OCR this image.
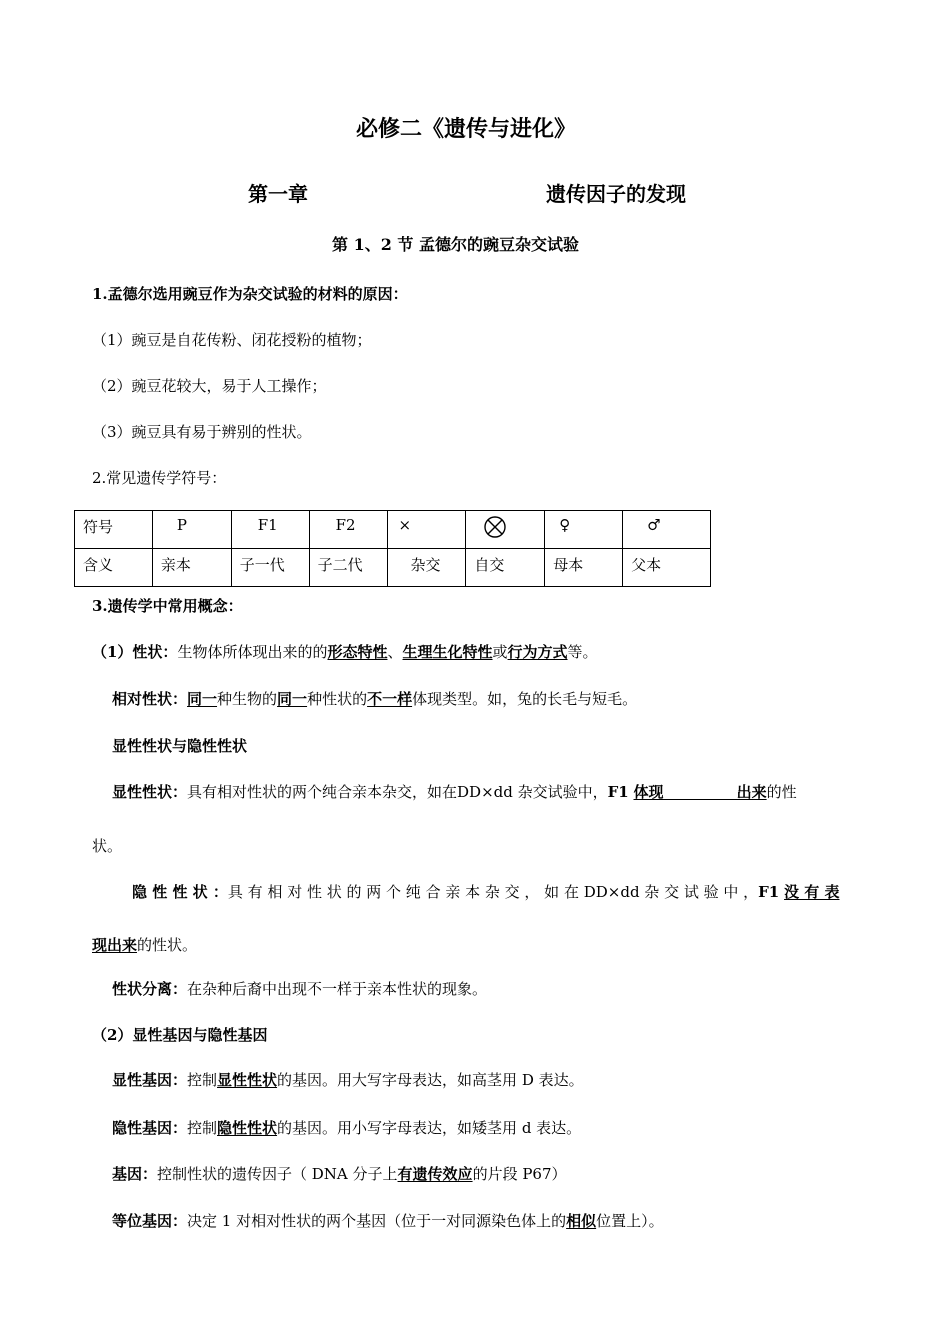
必修二《遗传与进化》
第一章	遗传因子的发现
第 1、2 节 孟德尔的豌豆杂交试验
1.孟德尔选用豌豆作为杂交试验的材料的原因：
（1）豌豆是自花传粉、闭花授粉的植物；
（2）豌豆花较大，易于人工操作；
（3）豌豆具有易于辨别的性状。
2.常见遗传学符号：
符号	P	F1	F2	×		♀	♂
含义	亲本	子一代	子二代	杂交	自交	母本	父本
3.遗传学中常用概念：
（1）性状：生物体所体现出来的的形态特性、生理生化特性或行为方式等。
相对性状：同一种生物的同一种性状的不一样体现类型。如，兔的长毛与短毛。
显性性状与隐性性状
显性性状：具有相对性状的两个纯合亲本杂交，如在DD×dd 杂交试验中，F1 体现              出来的性
状。
隐 性 性 状 ：具 有 相 对 性 状 的 两 个 纯 合 亲 本 杂 交 ， 如 在 DD×dd 杂 交 试 验 中 ，F1 没 有 表
现出来的性状。
性状分离：在杂种后裔中出现不一样于亲本性状的现象。
（2）显性基因与隐性基因
显性基因：控制显性性状的基因。用大写字母表达，如高茎用 D 表达。
隐性基因：控制隐性性状的基因。用小写字母表达，如矮茎用 d 表达。
基因：控制性状的遗传因子（ DNA 分子上有遗传效应的片段 P67）
等位基因：决定 1 对相对性状的两个基因（位于一对同源染色体上的相似位置上）。
